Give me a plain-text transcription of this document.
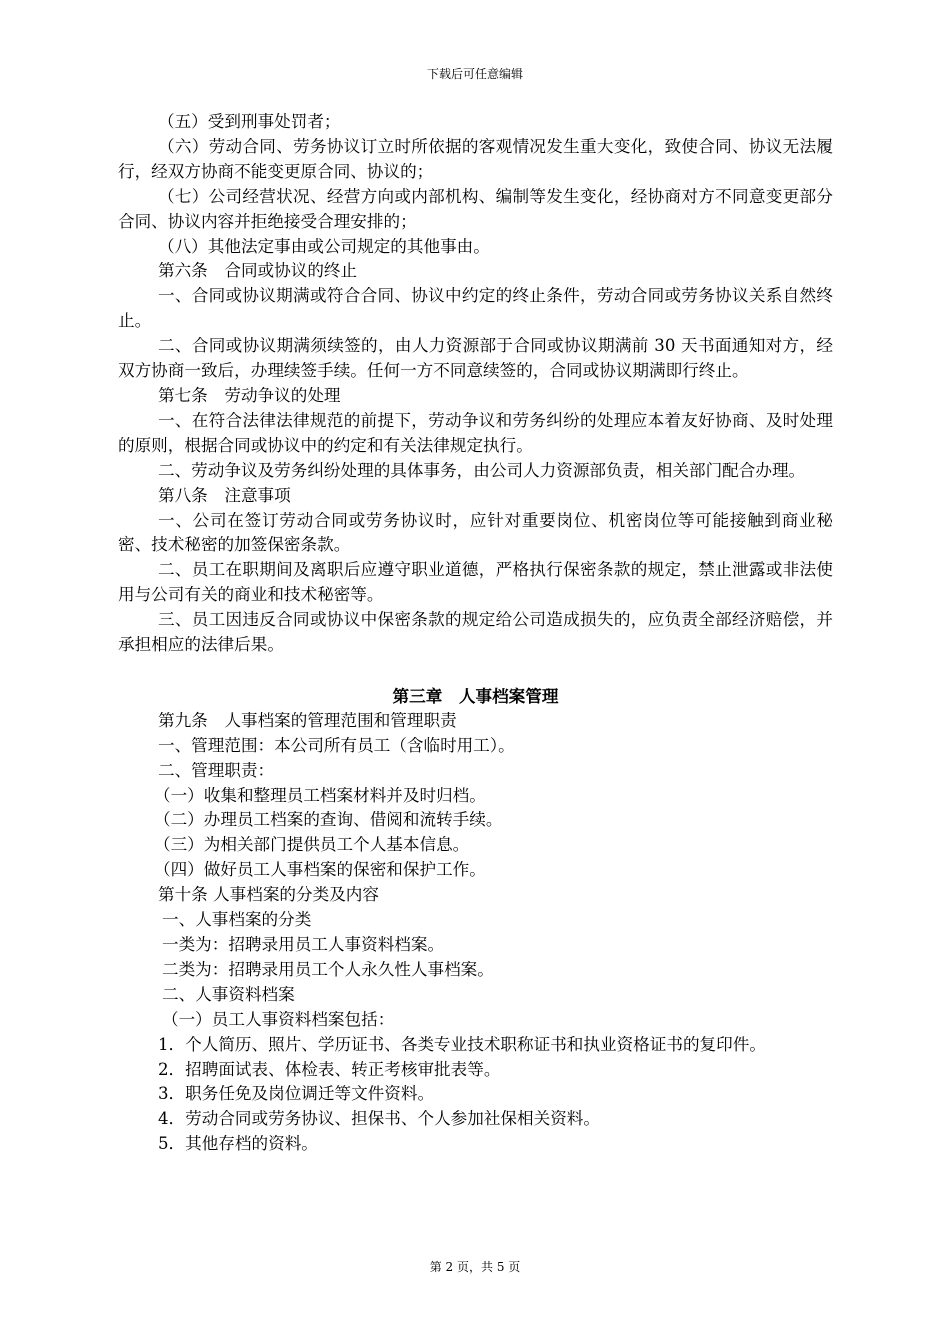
下载后可任意编辑

（五）受到刑事处罚者；

（六）劳动合同、劳务协议订立时所依据的客观情况发生重大变化，致使合同、协议无法履行，经双方协商不能变更原合同、协议的；

（七）公司经营状况、经营方向或内部机构、编制等发生变化，经协商对方不同意变更部分合同、协议内容并拒绝接受合理安排的；

（八）其他法定事由或公司规定的其他事由。

第六条　合同或协议的终止

一、合同或协议期满或符合合同、协议中约定的终止条件，劳动合同或劳务协议关系自然终止。

二、合同或协议期满须续签的，由人力资源部于合同或协议期满前 30 天书面通知对方，经双方协商一致后，办理续签手续。任何一方不同意续签的，合同或协议期满即行终止。

第七条　劳动争议的处理

一、在符合法律法律规范的前提下，劳动争议和劳务纠纷的处理应本着友好协商、及时处理的原则，根据合同或协议中的约定和有关法律规定执行。

二、劳动争议及劳务纠纷处理的具体事务，由公司人力资源部负责，相关部门配合办理。

第八条　注意事项

一、公司在签订劳动合同或劳务协议时，应针对重要岗位、机密岗位等可能接触到商业秘密、技术秘密的加签保密条款。

二、员工在职期间及离职后应遵守职业道德，严格执行保密条款的规定，禁止泄露或非法使用与公司有关的商业和技术秘密等。

三、员工因违反合同或协议中保密条款的规定给公司造成损失的，应负责全部经济赔偿，并承担相应的法律后果。

第三章　人事档案管理

第九条　人事档案的管理范围和管理职责

一、管理范围：本公司所有员工（含临时用工）。

二、管理职责：

（一）收集和整理员工档案材料并及时归档。

（二）办理员工档案的查询、借阅和流转手续。

（三）为相关部门提供员工个人基本信息。

（四）做好员工人事档案的保密和保护工作。

第十条 人事档案的分类及内容

一、人事档案的分类

一类为：招聘录用员工人事资料档案。

二类为：招聘录用员工个人永久性人事档案。

二、人事资料档案

（一）员工人事资料档案包括：

1．个人简历、照片、学历证书、各类专业技术职称证书和执业资格证书的复印件。

2．招聘面试表、体检表、转正考核审批表等。

3．职务任免及岗位调迁等文件资料。

4．劳动合同或劳务协议、担保书、个人参加社保相关资料。

5．其他存档的资料。

第 2 页，共 5 页
